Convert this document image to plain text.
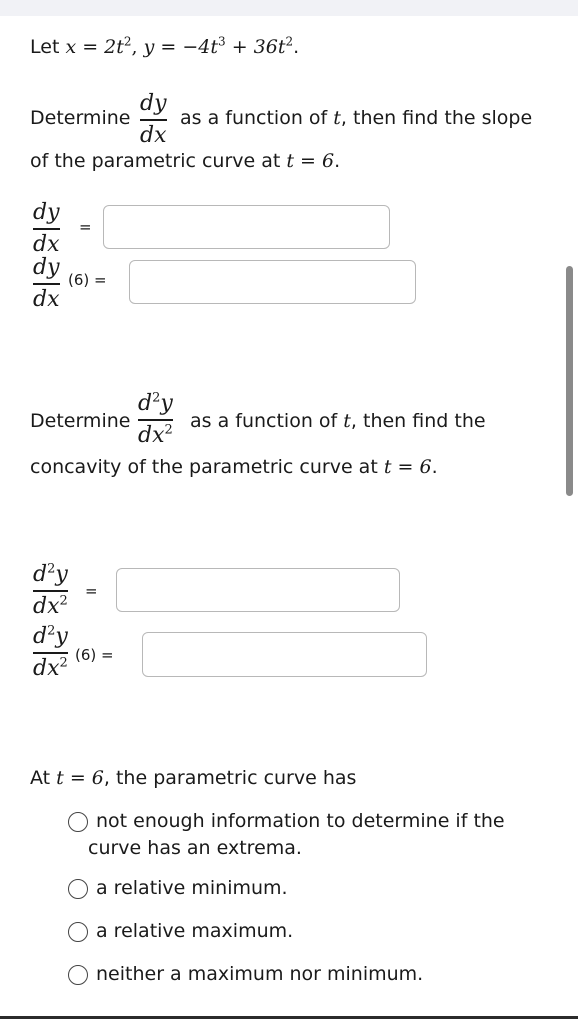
Let $x = 2t^2$, $y = -4t^3 + 36t^2$.
Determine
dy
dx
as a function of t, then find the slope
of the parametric curve at t = 6.
dy
dx
=
dy
dx
(6) =
Determine
$d^2y$
$dx^2$ as a function of t, then find the
concavity of the parametric curve at t = 6.
$d^2y$
$dx^2$
=
$d^2y$
$dx^2$ (6) =
At t = 6, the parametric curve has
not enough information to determine if the
curve has an extrema.
a relative minimum.
a relative maximum.
neither a maximum nor minimum.
